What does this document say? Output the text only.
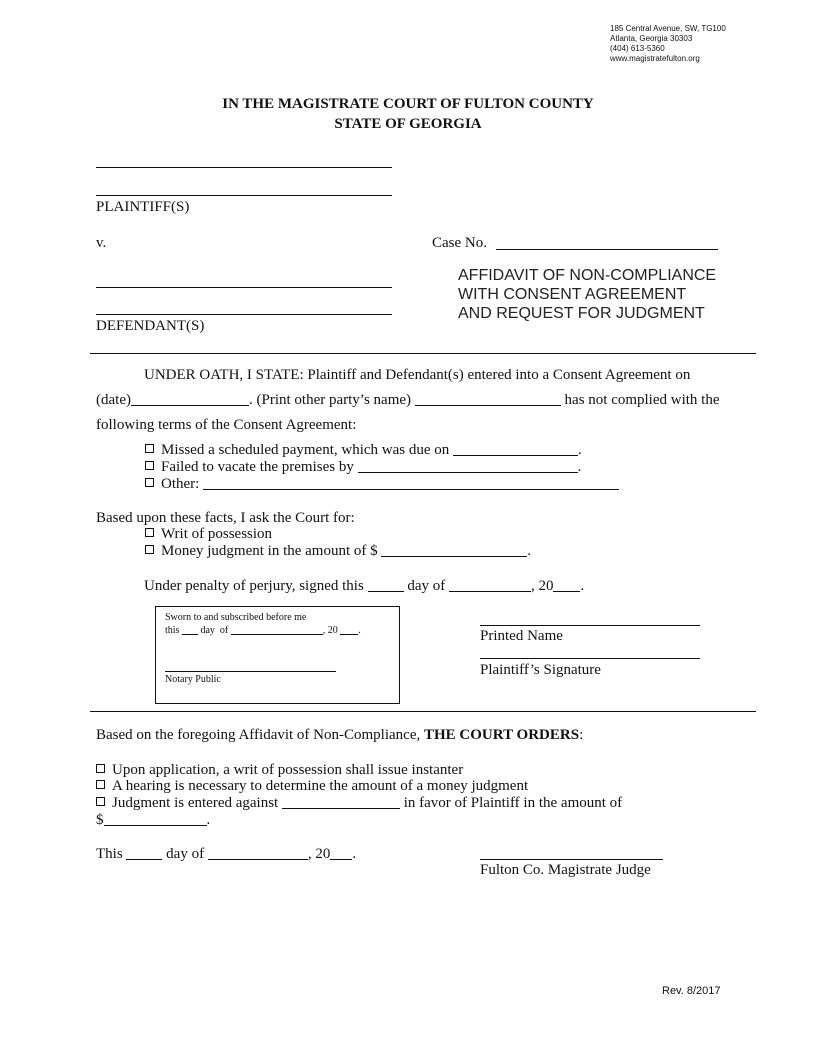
185 Central Avenue, SW, TG100
Atlanta, Georgia 30303
(404) 613-5360
www.magistratefulton.org
IN THE MAGISTRATE COURT OF FULTON COUNTY
STATE OF GEORGIA
PLAINTIFF(S)
v.	Case No.
DEFENDANT(S)
AFFIDAVIT OF NON-COMPLIANCE
WITH CONSENT AGREEMENT
AND REQUEST FOR JUDGMENT
UNDER OATH, I STATE: Plaintiff and Defendant(s) entered into a Consent Agreement on
(date)	. (Print other party’s name)	has not complied with the
following terms of the Consent Agreement:
Missed a scheduled payment, which was due on	.
Failed to vacate the premises by	.
Other:
Based upon these facts, I ask the Court for:
Writ of possession
Money judgment in the amount of $	.
Under penalty of perjury, signed this	day of	, 20 .
Sworn to and subscribed before me
this day of	, 20 .
Notary Public
Printed Name
Plaintiff’s Signature
Based on the foregoing Affidavit of Non-Compliance, THE COURT ORDERS:
Upon application, a writ of possession shall issue instanter
A hearing is necessary to determine the amount of a money judgment
Judgment is entered against	in favor of Plaintiff in the amount of
$	.
This	day of	, 20 .
Fulton Co. Magistrate Judge
Rev. 8/2017
